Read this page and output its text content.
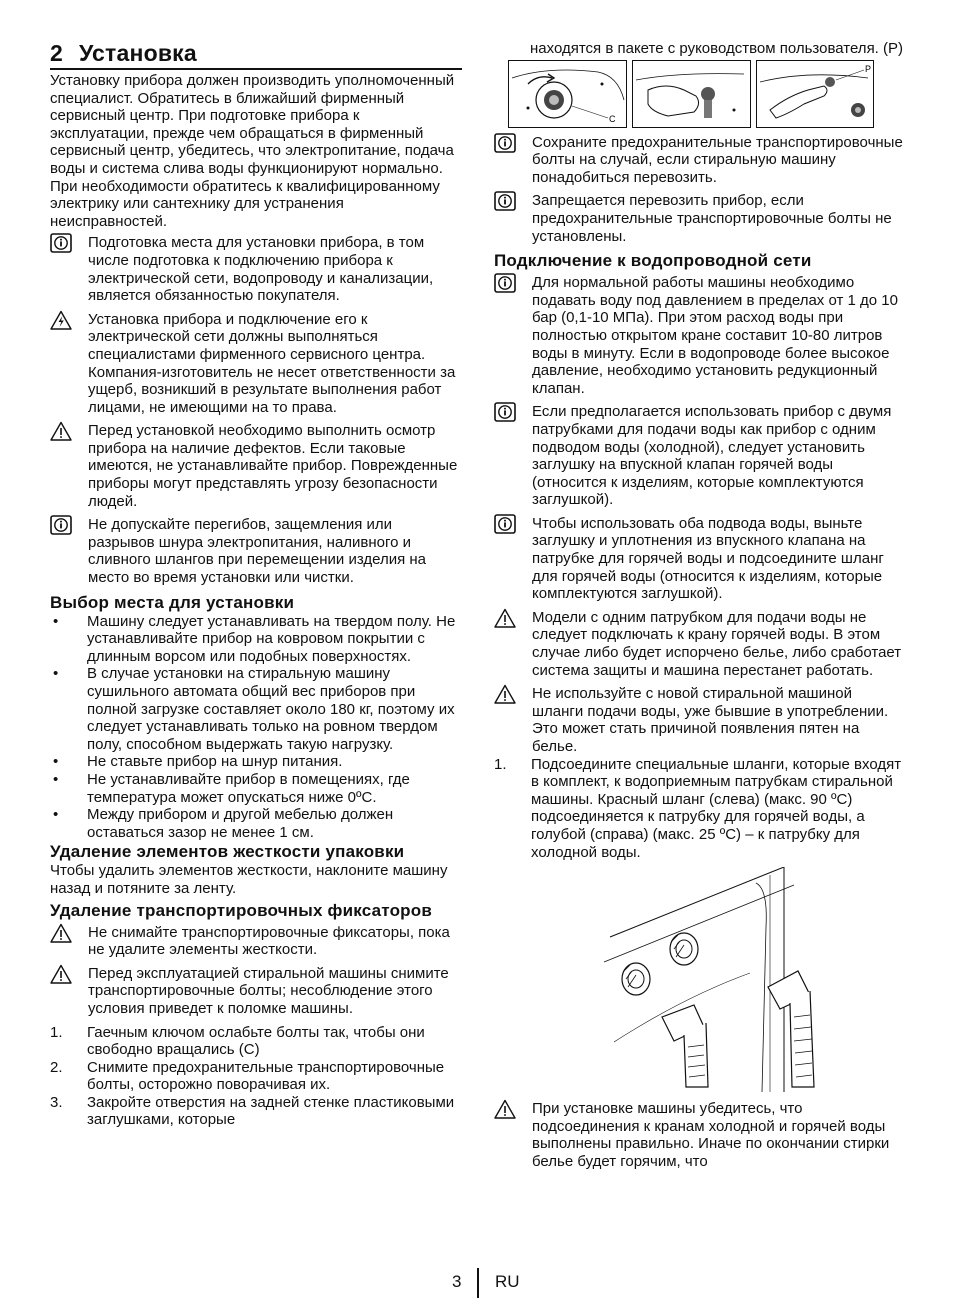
2 Установка

Установку прибора должен производить уполномоченный специалист. Обратитесь в ближайший фирменный сервисный центр. При подготовке прибора к эксплуатации, прежде чем обращаться в фирменный сервисный центр, убедитесь, что электропитание, подача воды и система слива воды функционируют нормально. При необходимости обратитесь к квалифицированному электрику или сантехнику для устранения неисправностей.

Подготовка места для установки прибора, в том числе подготовка к подключению прибора к электрической сети, водопроводу и канализации, является обязанностью покупателя.
Установка прибора и подключение его к электрической сети должны выполняться специалистами фирменного сервисного центра. Компания-изготовитель не несет ответственности за ущерб, возникший в результате выполнения работ лицами, не имеющими на то права.
Перед установкой необходимо выполнить осмотр прибора на наличие дефектов. Если таковые имеются, не устанавливайте прибор. Поврежденные приборы могут представлять угрозу безопасности людей.
Не допускайте перегибов, защемления или разрывов шнура электропитания, наливного и сливного шлангов при перемещении изделия на место во время установки или чистки.
Выбор места для установки
•	Машину следует устанавливать на твердом полу. Не устанавливайте прибор на ковровом покрытии с длинным ворсом или подобных поверхностях.
•	В случае установки на стиральную машину сушильного автомата общий вес приборов при полной загрузке составляет около 180 кг, поэтому их следует устанавливать только на ровном твердом полу, способном выдержать такую нагрузку.
•	Не ставьте прибор на шнур питания.
•	Не устанавливайте прибор в помещениях, где температура может опускаться ниже 0ºC.
•	Между прибором и другой мебелью должен оставаться зазор не менее 1 см.
Удаление элементов жесткости упаковки

Чтобы удалить элементов жесткости, наклоните машину назад и потяните за ленту.

Удаление транспортировочных фиксаторов
Не снимайте транспортировочные фиксаторы, пока не удалите элементы жесткости.
Перед эксплуатацией стиральной машины снимите транспортировочные болты; несоблюдение этого условия приведет к поломке машины.
1.	Гаечным ключом ослабьте болты так, чтобы они свободно вращались (C)
2.	Снимите предохранительные транспортировочные болты, осторожно поворачивая их.
3.	Закройте отверстия на задней стенке пластиковыми заглушками, которые

находятся в пакете с руководством пользователя. (P)

C
P
Сохраните предохранительные транспортировочные болты на случай, если стиральную машину понадобиться перевозить.
Запрещается перевозить прибор, если предохранительные транспортировочные болты не установлены.
Подключение к водопроводной сети
Для нормальной работы машины необходимо подавать воду под давлением в пределах от 1 до 10 бар (0,1-10 МПа). При этом расход воды при полностью открытом кране составит 10-80 литров воды в минуту. Если в водопроводе более высокое давление, необходимо установить редукционный клапан.
Если предполагается использовать прибор с двумя патрубками для подачи воды как прибор с одним подводом воды (холодной), следует установить заглушку на впускной клапан горячей воды (относится к изделиям, которые комплектуются заглушкой).
Чтобы использовать оба подвода воды, выньте заглушку и уплотнения из впускного клапана на патрубке для горячей воды и подсоедините шланг для горячей воды (относится к изделиям, которые комплектуются заглушкой).
Модели с одним патрубком для подачи воды не следует подключать к крану горячей воды. В этом случае либо будет испорчено белье, либо сработает система защиты и машина перестанет работать.
Не используйте с новой стиральной машиной шланги подачи воды, уже бывшие в употреблении. Это может стать причиной появления пятен на белье.
1.	Подсоедините специальные шланги, которые входят в комплект, к водоприемным патрубкам стиральной машины. Красный шланг (слева) (макс. 90 ºC) подсоединяется к патрубку для горячей воды, а голубой (справа) (макс. 25 ºC) – к патрубку для холодной воды.
При установке машины убедитесь, что подсоединения к кранам холодной и горячей воды выполнены правильно. Иначе по окончании стирки белье будет горячим, что
3 RU
